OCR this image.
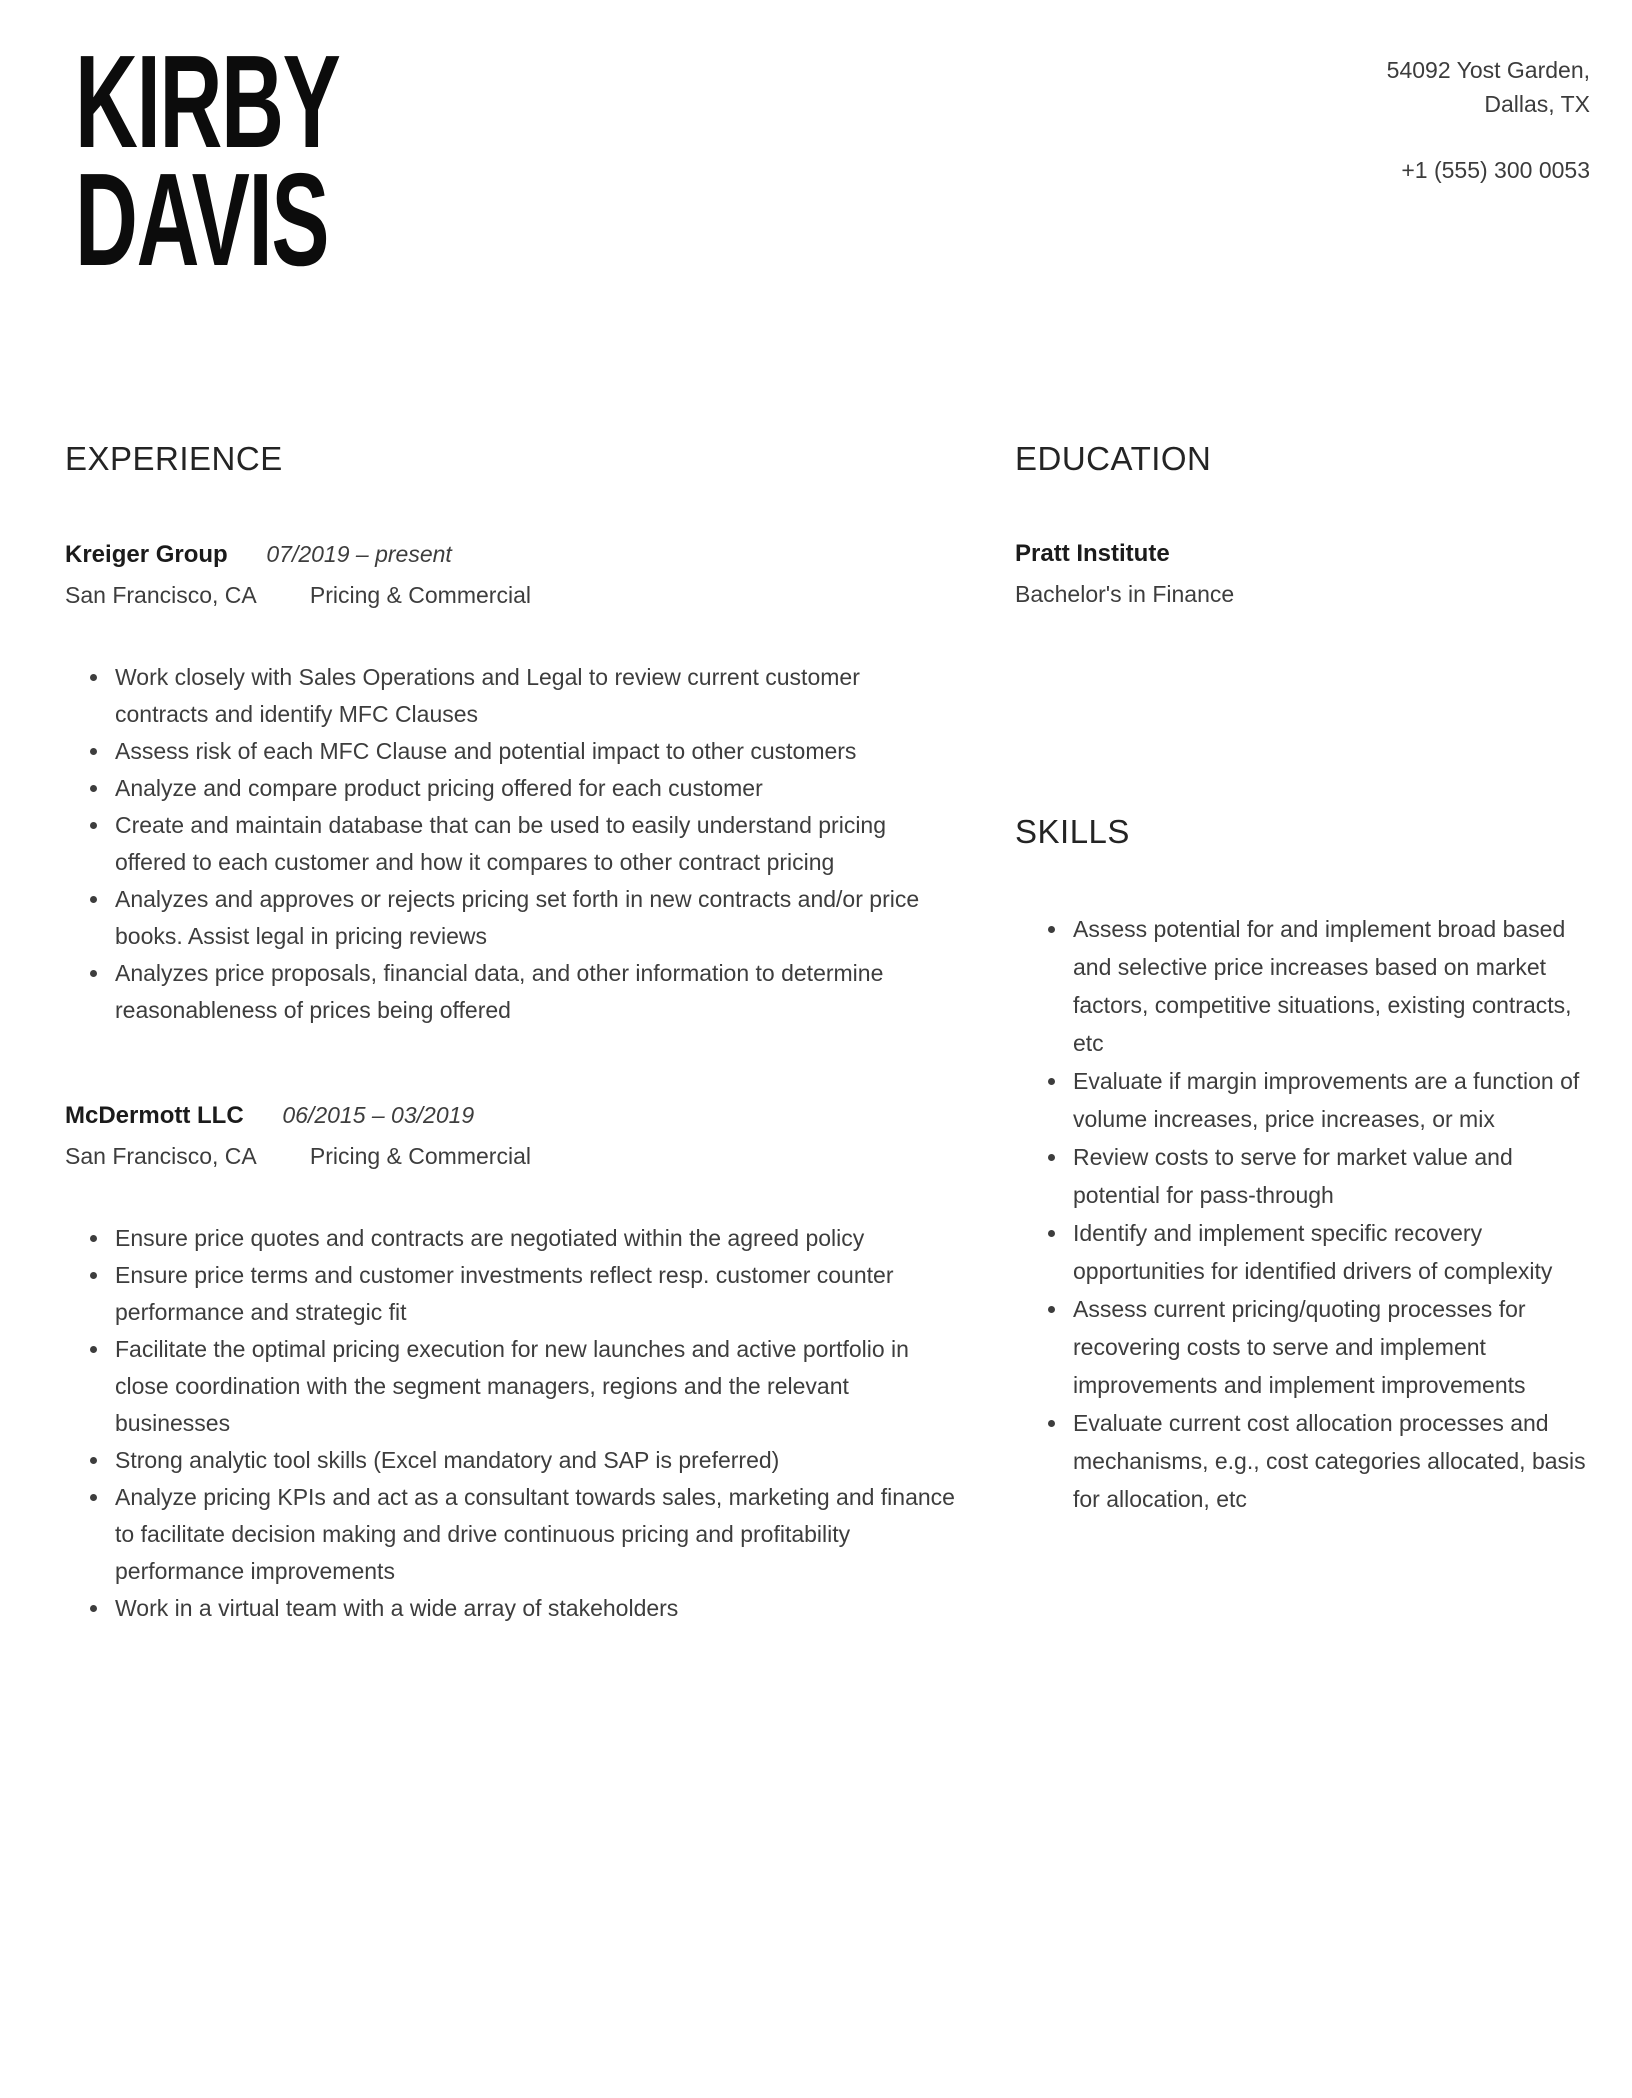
KIRBY
DAVIS
54092 Yost Garden,
Dallas, TX
+1 (555) 300 0053
EXPERIENCE
Kreiger Group 07/2019 – present
San Francisco, CA Pricing & Commercial
Work closely with Sales Operations and Legal to review current customer contracts and identify MFC Clauses
Assess risk of each MFC Clause and potential impact to other customers
Analyze and compare product pricing offered for each customer
Create and maintain database that can be used to easily understand pricing offered to each customer and how it compares to other contract pricing
Analyzes and approves or rejects pricing set forth in new contracts and/or price books. Assist legal in pricing reviews
Analyzes price proposals, financial data, and other information to determine reasonableness of prices being offered
McDermott LLC 06/2015 – 03/2019
San Francisco, CA Pricing & Commercial
Ensure price quotes and contracts are negotiated within the agreed policy
Ensure price terms and customer investments reflect resp. customer counter performance and strategic fit
Facilitate the optimal pricing execution for new launches and active portfolio in close coordination with the segment managers, regions and the relevant businesses
Strong analytic tool skills (Excel mandatory and SAP is preferred)
Analyze pricing KPIs and act as a consultant towards sales, marketing and finance to facilitate decision making and drive continuous pricing and profitability performance improvements
Work in a virtual team with a wide array of stakeholders
EDUCATION
Pratt Institute
Bachelor's in Finance
SKILLS
Assess potential for and implement broad based and selective price increases based on market factors, competitive situations, existing contracts, etc
Evaluate if margin improvements are a function of volume increases, price increases, or mix
Review costs to serve for market value and potential for pass-through
Identify and implement specific recovery opportunities for identified drivers of complexity
Assess current pricing/quoting processes for recovering costs to serve and implement improvements and implement improvements
Evaluate current cost allocation processes and mechanisms, e.g., cost categories allocated, basis for allocation, etc
